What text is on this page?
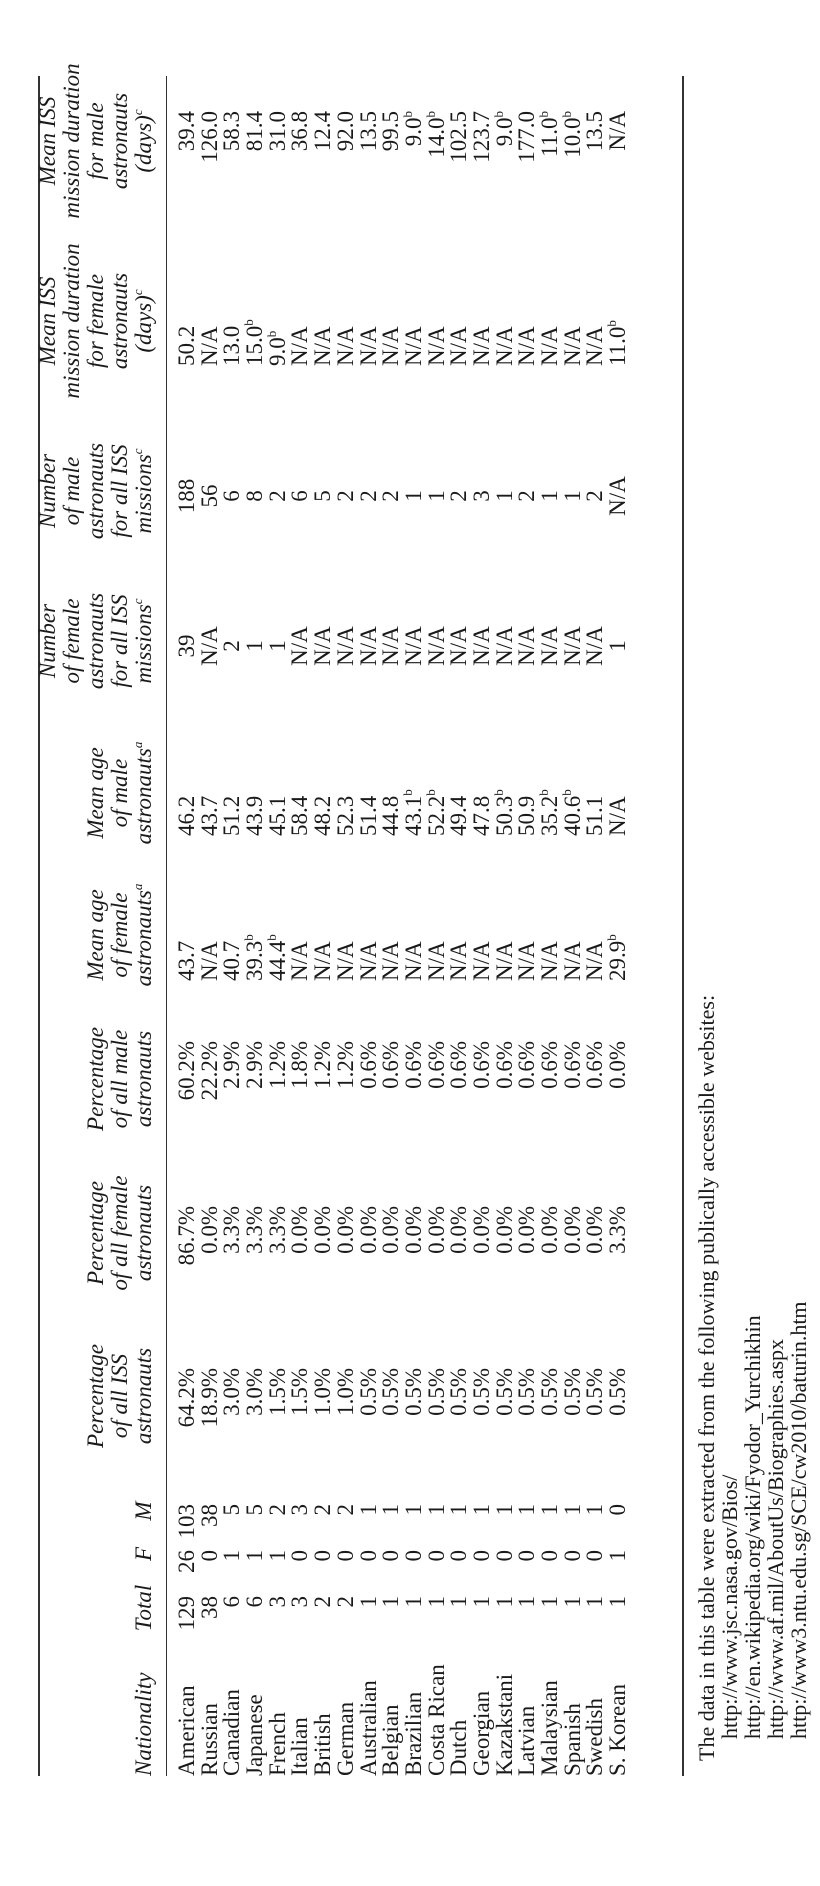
Nationality
Total
F
M
Percentage of all ISS astronauts
Percentage of all female astronauts
Percentage of all male astronauts
Mean age of female astronauts$^a$
Mean age of male astronauts$^a$
Number of female astronauts for all ISS missions$^c$
Number of male astronauts for all ISS missions$^c$
Mean ISS mission duration for female astronauts (days)$^c$
Mean ISS mission duration for male astronauts (days)$^c$
American
Russian
Canadian
Japanese
French
Italian
British
German
Australian
Belgian
Brazilian
Costa Rican
Dutch
Georgian
Kazakstani
Latvian
Malaysian
Spanish
Swedish
S. Korean
129
38
6
6
3
3
2
2
1
1
1
1
1
1
1
1
1
1
1
1
26
0
1
1
1
0
0
0
0
0
0
0
0
0
0
0
0
0
0
1
103
38
5
5
2
3
2
2
1
1
1
1
1
1
1
1
1
1
1
0
64.2%
18.9%
3.0%
3.0%
1.5%
1.5%
1.0%
1.0%
0.5%
0.5%
0.5%
0.5%
0.5%
0.5%
0.5%
0.5%
0.5%
0.5%
0.5%
0.5%
86.7%
0.0%
3.3%
3.3%
3.3%
0.0%
0.0%
0.0%
0.0%
0.0%
0.0%
0.0%
0.0%
0.0%
0.0%
0.0%
0.0%
0.0%
0.0%
3.3%
60.2%
22.2%
2.9%
2.9%
1.2%
1.8%
1.2%
1.2%
0.6%
0.6%
0.6%
0.6%
0.6%
0.6%
0.6%
0.6%
0.6%
0.6%
0.6%
0.0%
43.7
N/A
40.7
39.3$^b$
44.4$^b$
N/A
N/A
N/A
N/A
N/A
N/A
N/A
N/A
N/A
N/A
N/A
N/A
N/A
N/A
29.9$^b$
46.2
43.7
51.2
43.9
45.1
58.4
48.2
52.3
51.4
44.8
43.1$^b$
52.2$^b$
49.4
47.8
50.3$^b$
50.9
35.2$^b$
40.6$^b$
51.1
N/A
39
N/A
2
1
1
N/A
N/A
N/A
N/A
N/A
N/A
N/A
N/A
N/A
N/A
N/A
N/A
N/A
N/A
1
188
56
6
8
2
6
5
2
2
2
1
1
2
3
1
2
1
1
2
N/A
50.2
N/A
13.0
15.0$^b$
9.0$^b$ N/A
N/A
N/A
N/A
N/A
N/A
N/A
N/A
N/A
N/A
N/A
N/A
N/A
N/A
11.0$^b$
39.4
126.0
58.3
81.4
31.0
36.8
12.4
92.0
13.5
99.5
9.0$^b$
14.0$^b$ 102.5
123.7
9.0$^b$ 177.0
11.0$^b$
10.0$^b$ 13.5
N/A
The data in this table were extracted from the following publically accessible websites:
http://www.jsc.nasa.gov/Bios/
http://en.wikipedia.org/wiki/Fyodor_Yurchikhin
http://www.af.mil/AboutUs/Biographies.aspx
http://www3.ntu.edu.sg/SCE/cw2010/baturin.htm
